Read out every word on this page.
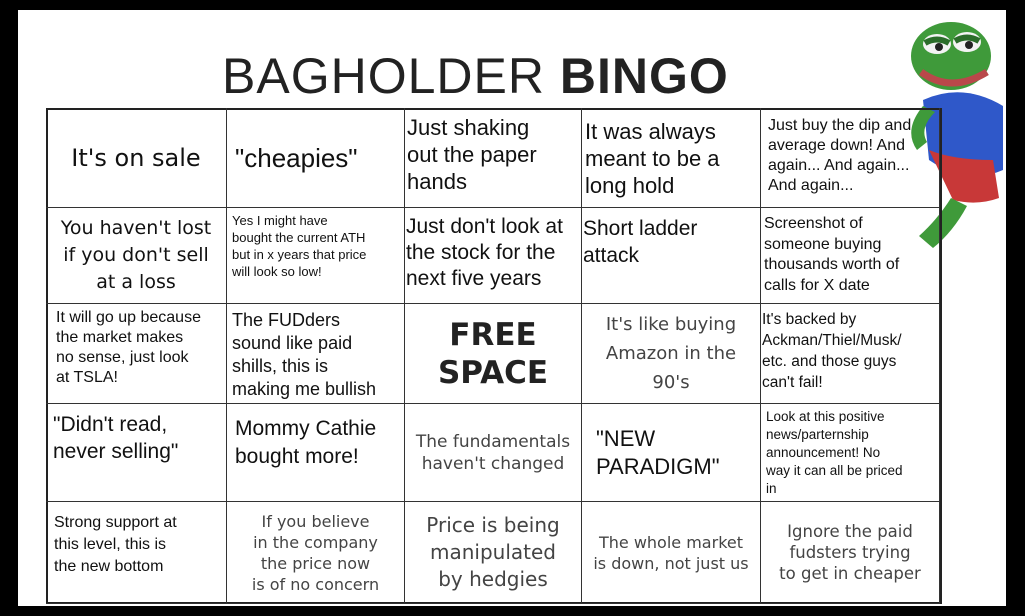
BAGHOLDER BINGO
It's on sale	"cheapies"
Just shaking
out the paper
hands
It was always
meant to be a
long hold
Just buy the dip and
average down! And
again... And again...
And again...
You haven't lost
if you don't sell
at a loss
Yes I might have
bought the current ATH
but in x years that price
will look so low!
Just don't look at
the stock for the
next five years
Short ladder
attack
Screenshot of
someone buying
thousands worth of
calls for X date
It will go up because
the market makes
no sense, just look
at TSLA!
The FUDders
sound like paid
shills, this is
making me bullish
FREE
SPACE
It's like buying
Amazon in the
90's
It's backed by
Ackman/Thiel/Musk/
etc. and those guys
can't fail!
"Didn't read,
never selling"
Mommy Cathie
bought more!
The fundamentals
haven't changed
"NEW
PARADIGM"
Look at this positive
news/parternship
announcement! No
way it can all be priced
in
Strong support at
this level, this is
the new bottom
If you believe
in the company
the price now
is of no concern
Price is being
manipulated
by hedgies
The whole market
is down, not just us
Ignore the paid
fudsters trying
to get in cheaper
